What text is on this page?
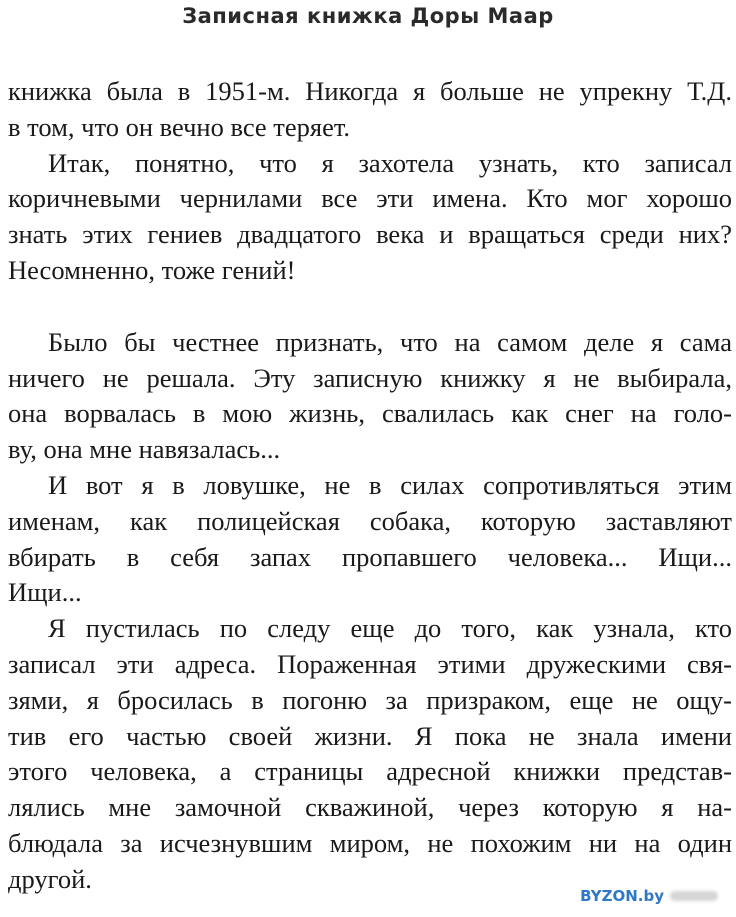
Записная книжка Доры Маар
книжка была в 1951-м. Никогда я больше не упрекну Т.Д.
в том, что он вечно все теряет.
Итак, понятно, что я захотела узнать, кто записал
коричневыми чернилами все эти имена. Кто мог хорошо
знать этих гениев двадцатого века и вращаться среди них?
Несомненно, тоже гений!
Было бы честнее признать, что на самом деле я сама
ничего не решала. Эту записную книжку я не выбирала,
она ворвалась в мою жизнь, свалилась как снег на голо-
ву, она мне навязалась...
И вот я в ловушке, не в силах сопротивляться этим
именам, как полицейская собака, которую заставляют
вбирать в себя запах пропавшего человека... Ищи...
Ищи...
Я пустилась по следу еще до того, как узнала, кто
записал эти адреса. Пораженная этими дружескими свя-
зями, я бросилась в погоню за призраком, еще не ощу-
тив его частью своей жизни. Я пока не знала имени
этого человека, а страницы адресной книжки представ-
лялись мне замочной скважиной, через которую я на-
блюдала за исчезнувшим миром, не похожим ни на один
другой.
BYZON.by
